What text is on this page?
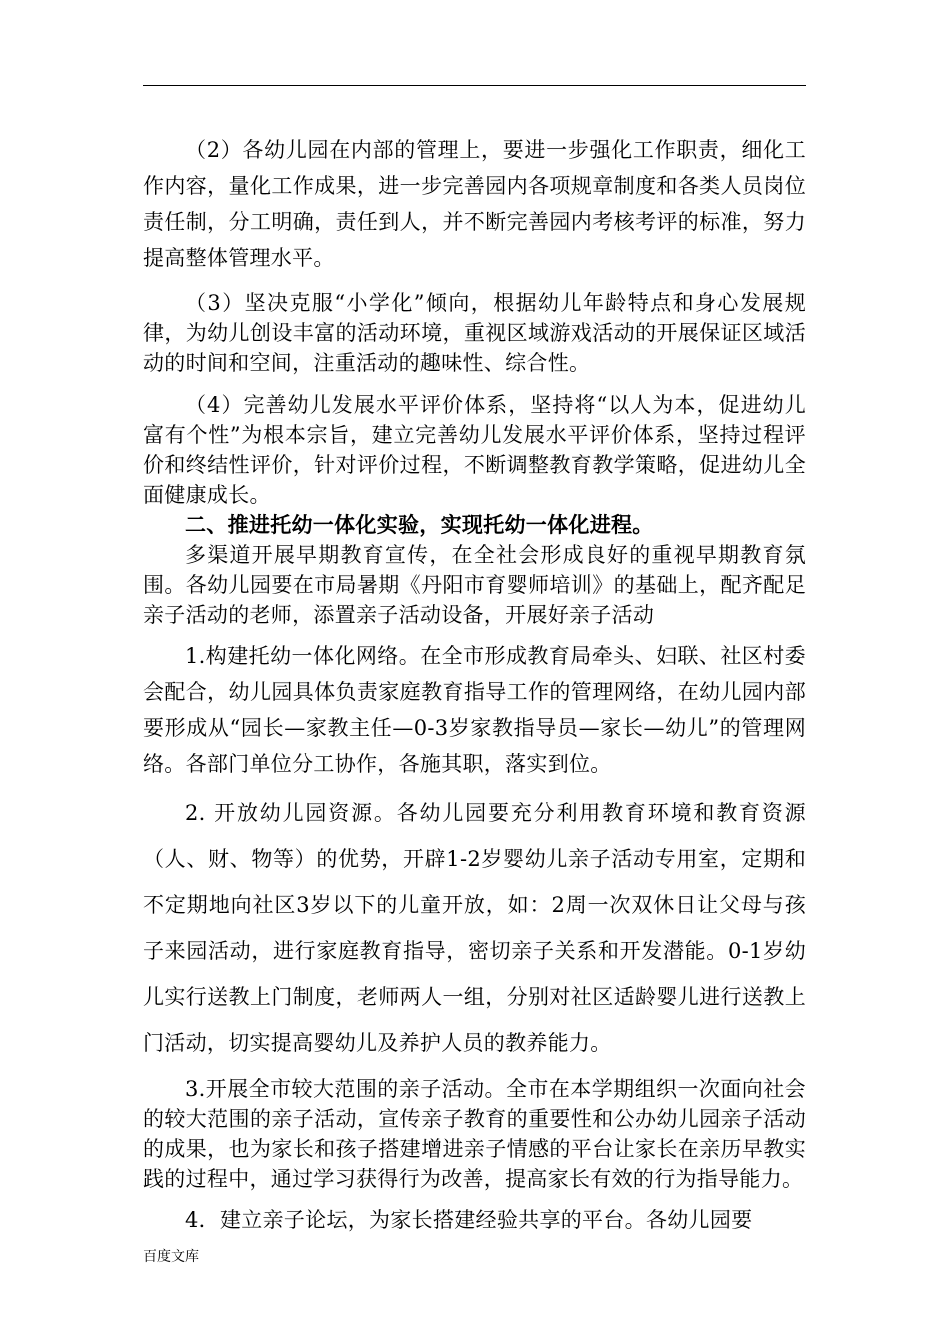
（2）各幼儿园在内部的管理上，要进一步强化工作职责，细化工作内容，量化工作成果，进一步完善园内各项规章制度和各类人员岗位责任制，分工明确，责任到人，并不断完善园内考核考评的标准，努力提高整体管理水平。

（3）坚决克服“小学化”倾向，根据幼儿年龄特点和身心发展规律，为幼儿创设丰富的活动环境，重视区域游戏活动的开展保证区域活动的时间和空间，注重活动的趣味性、综合性。

（4）完善幼儿发展水平评价体系，坚持将“以人为本，促进幼儿富有个性”为根本宗旨，建立完善幼儿发展水平评价体系，坚持过程评价和终结性评价，针对评价过程，不断调整教育教学策略，促进幼儿全面健康成长。

二、推进托幼一体化实验，实现托幼一体化进程。

多渠道开展早期教育宣传，在全社会形成良好的重视早期教育氛围。各幼儿园要在市局暑期《丹阳市育婴师培训》的基础上，配齐配足亲子活动的老师，添置亲子活动设备，开展好亲子活动

1.构建托幼一体化网络。在全市形成教育局牵头、妇联、社区村委会配合，幼儿园具体负责家庭教育指导工作的管理网络，在幼儿园内部要形成从“园长—家教主任—0-3岁家教指导员—家长—幼儿”的管理网络。各部门单位分工协作，各施其职，落实到位。

2. 开放幼儿园资源。各幼儿园要充分利用教育环境和教育资源（人、财、物等）的优势，开辟1-2岁婴幼儿亲子活动专用室，定期和不定期地向社区3岁以下的儿童开放，如：2周一次双休日让父母与孩子来园活动，进行家庭教育指导，密切亲子关系和开发潜能。0-1岁幼儿实行送教上门制度，老师两人一组，分别对社区适龄婴儿进行送教上门活动，切实提高婴幼儿及养护人员的教养能力。

3.开展全市较大范围的亲子活动。全市在本学期组织一次面向社会的较大范围的亲子活动，宣传亲子教育的重要性和公办幼儿园亲子活动的成果，也为家长和孩子搭建增进亲子情感的平台让家长在亲历早教实践的过程中，通过学习获得行为改善，提高家长有效的行为指导能力。

4．建立亲子论坛，为家长搭建经验共享的平台。各幼儿园要

百度文库
